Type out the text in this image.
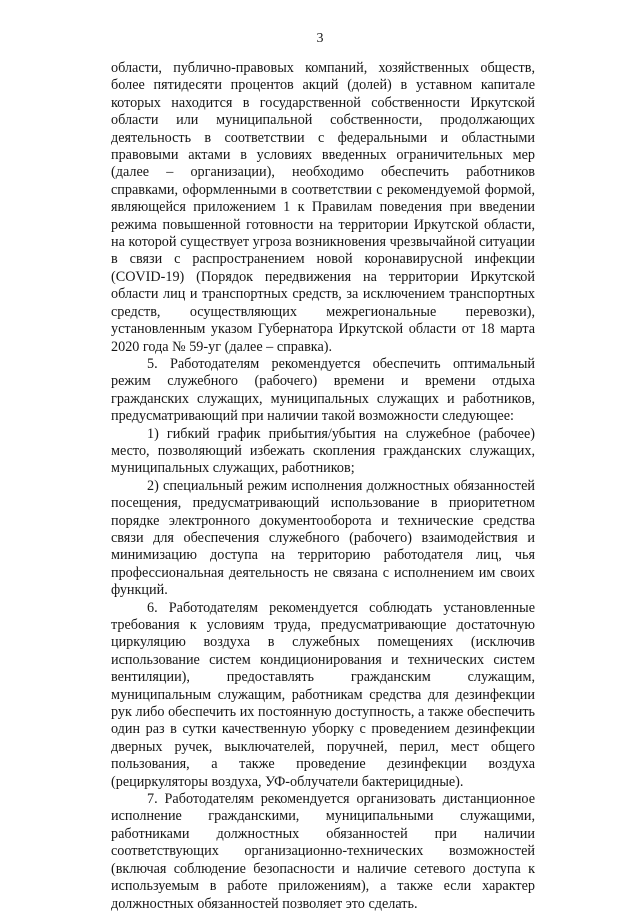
3

области, публично-правовых компаний, хозяйственных обществ, более пятидесяти процентов акций (долей) в уставном капитале которых находится в государственной собственности Иркутской области или муниципальной собственности, продолжающих деятельность в соответствии с федеральными и областными правовыми актами в условиях введенных ограничительных мер (далее – организации), необходимо обеспечить работников справками, оформленными в соответствии с рекомендуемой формой, являющейся приложением 1 к Правилам поведения при введении режима повышенной готовности на территории Иркутской области, на которой существует угроза возникновения чрезвычайной ситуации в связи с распространением новой коронавирусной инфекции (COVID-19) (Порядок передвижения на территории Иркутской области лиц и транспортных средств, за исключением транспортных средств, осуществляющих межрегиональные перевозки), установленным указом Губернатора Иркутской области от 18 марта 2020 года № 59-уг (далее – справка).

5. Работодателям рекомендуется обеспечить оптимальный режим служебного (рабочего) времени и времени отдыха гражданских служащих, муниципальных служащих и работников, предусматривающий при наличии такой возможности следующее:

1) гибкий график прибытия/убытия на служебное (рабочее) место, позволяющий избежать скопления гражданских служащих, муниципальных служащих, работников;

2) специальный режим исполнения должностных обязанностей посещения, предусматривающий использование в приоритетном порядке электронного документооборота и технические средства связи для обеспечения служебного (рабочего) взаимодействия и минимизацию доступа на территорию работодателя лиц, чья профессиональная деятельность не связана с исполнением им своих функций.

6. Работодателям рекомендуется соблюдать установленные требования к условиям труда, предусматривающие достаточную циркуляцию воздуха в служебных помещениях (исключив использование систем кондиционирования и технических систем вентиляции), предоставлять гражданским служащим, муниципальным служащим, работникам средства для дезинфекции рук либо обеспечить их постоянную доступность, а также обеспечить один раз в сутки качественную уборку с проведением дезинфекции дверных ручек, выключателей, поручней, перил, мест общего пользования, а также проведение дезинфекции воздуха (рециркуляторы воздуха, УФ-облучатели бактерицидные).

7. Работодателям рекомендуется организовать дистанционное исполнение гражданскими, муниципальными служащими, работниками должностных обязанностей при наличии соответствующих организационно-технических возможностей (включая соблюдение безопасности и наличие сетевого доступа к используемым в работе приложениям), а также если характер должностных обязанностей позволяет это сделать.
